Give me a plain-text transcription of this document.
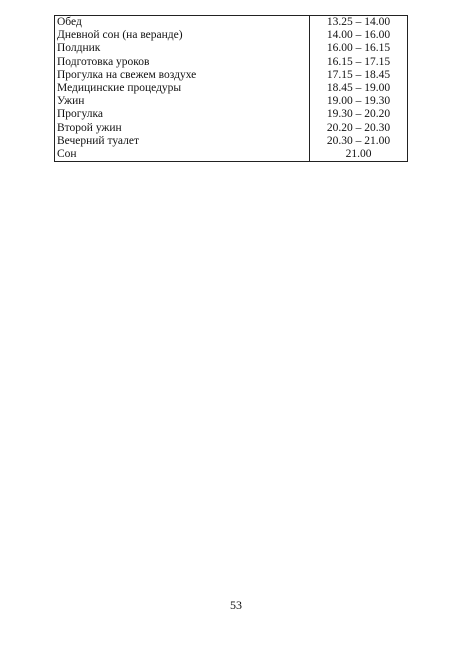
Обед	13.25 – 14.00
Дневной сон (на веранде)	14.00 – 16.00
Полдник	16.00 – 16.15
Подготовка уроков	16.15 – 17.15
Прогулка на свежем воздухе	17.15 – 18.45
Медицинские процедуры	18.45 – 19.00
Ужин	19.00 – 19.30
Прогулка	19.30 – 20.20
Второй ужин	20.20 – 20.30
Вечерний туалет	20.30 – 21.00
Сон	21.00
53
